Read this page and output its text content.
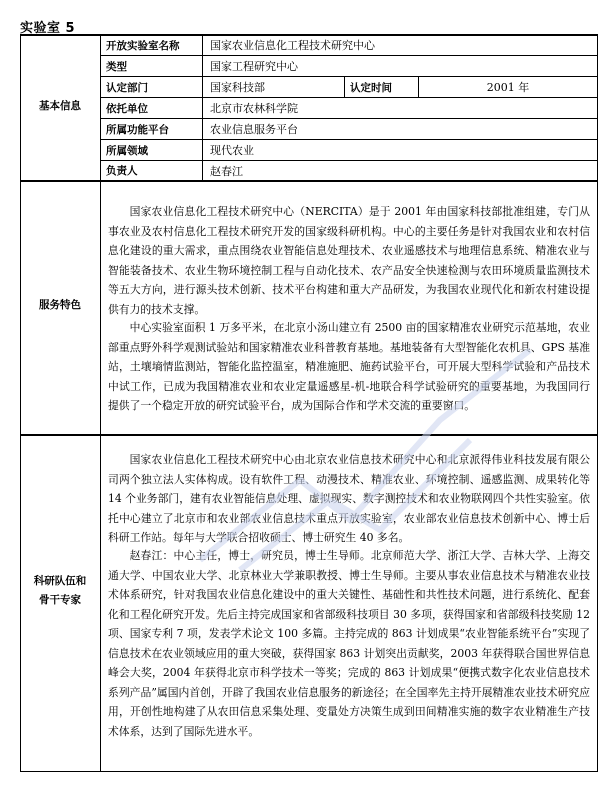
实验室 5
基本信息
开放实验室名称	国家农业信息化工程技术研究中心
类型	国家工程研究中心
认定部门	国家科技部	认定时间	2001 年
依托单位	北京市农林科学院
所属功能平台	农业信息服务平台
所属领域	现代农业
负责人	赵春江
服务特色

国家农业信息化工程技术研究中心（NERCITA）是于 2001 年由国家科技部批准组建，专门从事农业及农村信息化工程技术研究开发的国家级科研机构。中心的主要任务是针对我国农业和农村信息化建设的重大需求，重点围绕农业智能信息处理技术、农业遥感技术与地理信息系统、精准农业与智能装备技术、农业生物环境控制工程与自动化技术、农产品安全快速检测与农田环境质量监测技术等五大方向，进行源头技术创新、技术平台构建和重大产品研发，为我国农业现代化和新农村建设提供有力的技术支撑。

中心实验室面积 1 万多平米，在北京小汤山建立有 2500 亩的国家精准农业研究示范基地，农业部重点野外科学观测试验站和国家精准农业科普教育基地。基地装备有大型智能化农机具、GPS 基准站，土壤墒情监测站，智能化监控温室，精准施肥、施药试验平台，可开展大型科学试验和产品技术中试工作，已成为我国精准农业和农业定量遥感星-机-地联合科学试验研究的重要基地，为我国同行提供了一个稳定开放的研究试验平台，成为国际合作和学术交流的重要窗口。

科研队伍和
骨干专家

国家农业信息化工程技术研究中心由北京农业信息技术研究中心和北京派得伟业科技发展有限公司两个独立法人实体构成。设有软件工程、动漫技术、精准农业、环境控制、遥感监测、成果转化等 14 个业务部门，建有农业智能信息处理、虚拟现实、数字测控技术和农业物联网四个共性实验室。依托中心建立了北京市和农业部农业信息技术重点开放实验室，农业部农业信息技术创新中心、博士后科研工作站。每年与大学联合招收硕士、博士研究生 40 多名。

赵春江：中心主任，博士，研究员，博士生导师。北京师范大学、浙江大学、吉林大学、上海交通大学、中国农业大学、北京林业大学兼职教授、博士生导师。主要从事农业信息技术与精准农业技术体系研究，针对我国农业信息化建设中的重大关键性、基础性和共性技术问题，进行系统化、配套化和工程化研究开发。先后主持完成国家和省部级科技项目 30 多项，获得国家和省部级科技奖励 12 项、国家专利 7 项，发表学术论文 100 多篇。主持完成的 863 计划成果“农业智能系统平台”实现了信息技术在农业领域应用的重大突破，获得国家 863 计划突出贡献奖，2003 年获得联合国世界信息峰会大奖，2004 年获得北京市科学技术一等奖；完成的 863 计划成果“便携式数字化农业信息技术系列产品”属国内首创，开辟了我国农业信息服务的新途径；在全国率先主持开展精准农业技术研究应用，开创性地构建了从农田信息采集处理、变量处方决策生成到田间精准实施的数字农业精准生产技术体系，达到了国际先进水平。
